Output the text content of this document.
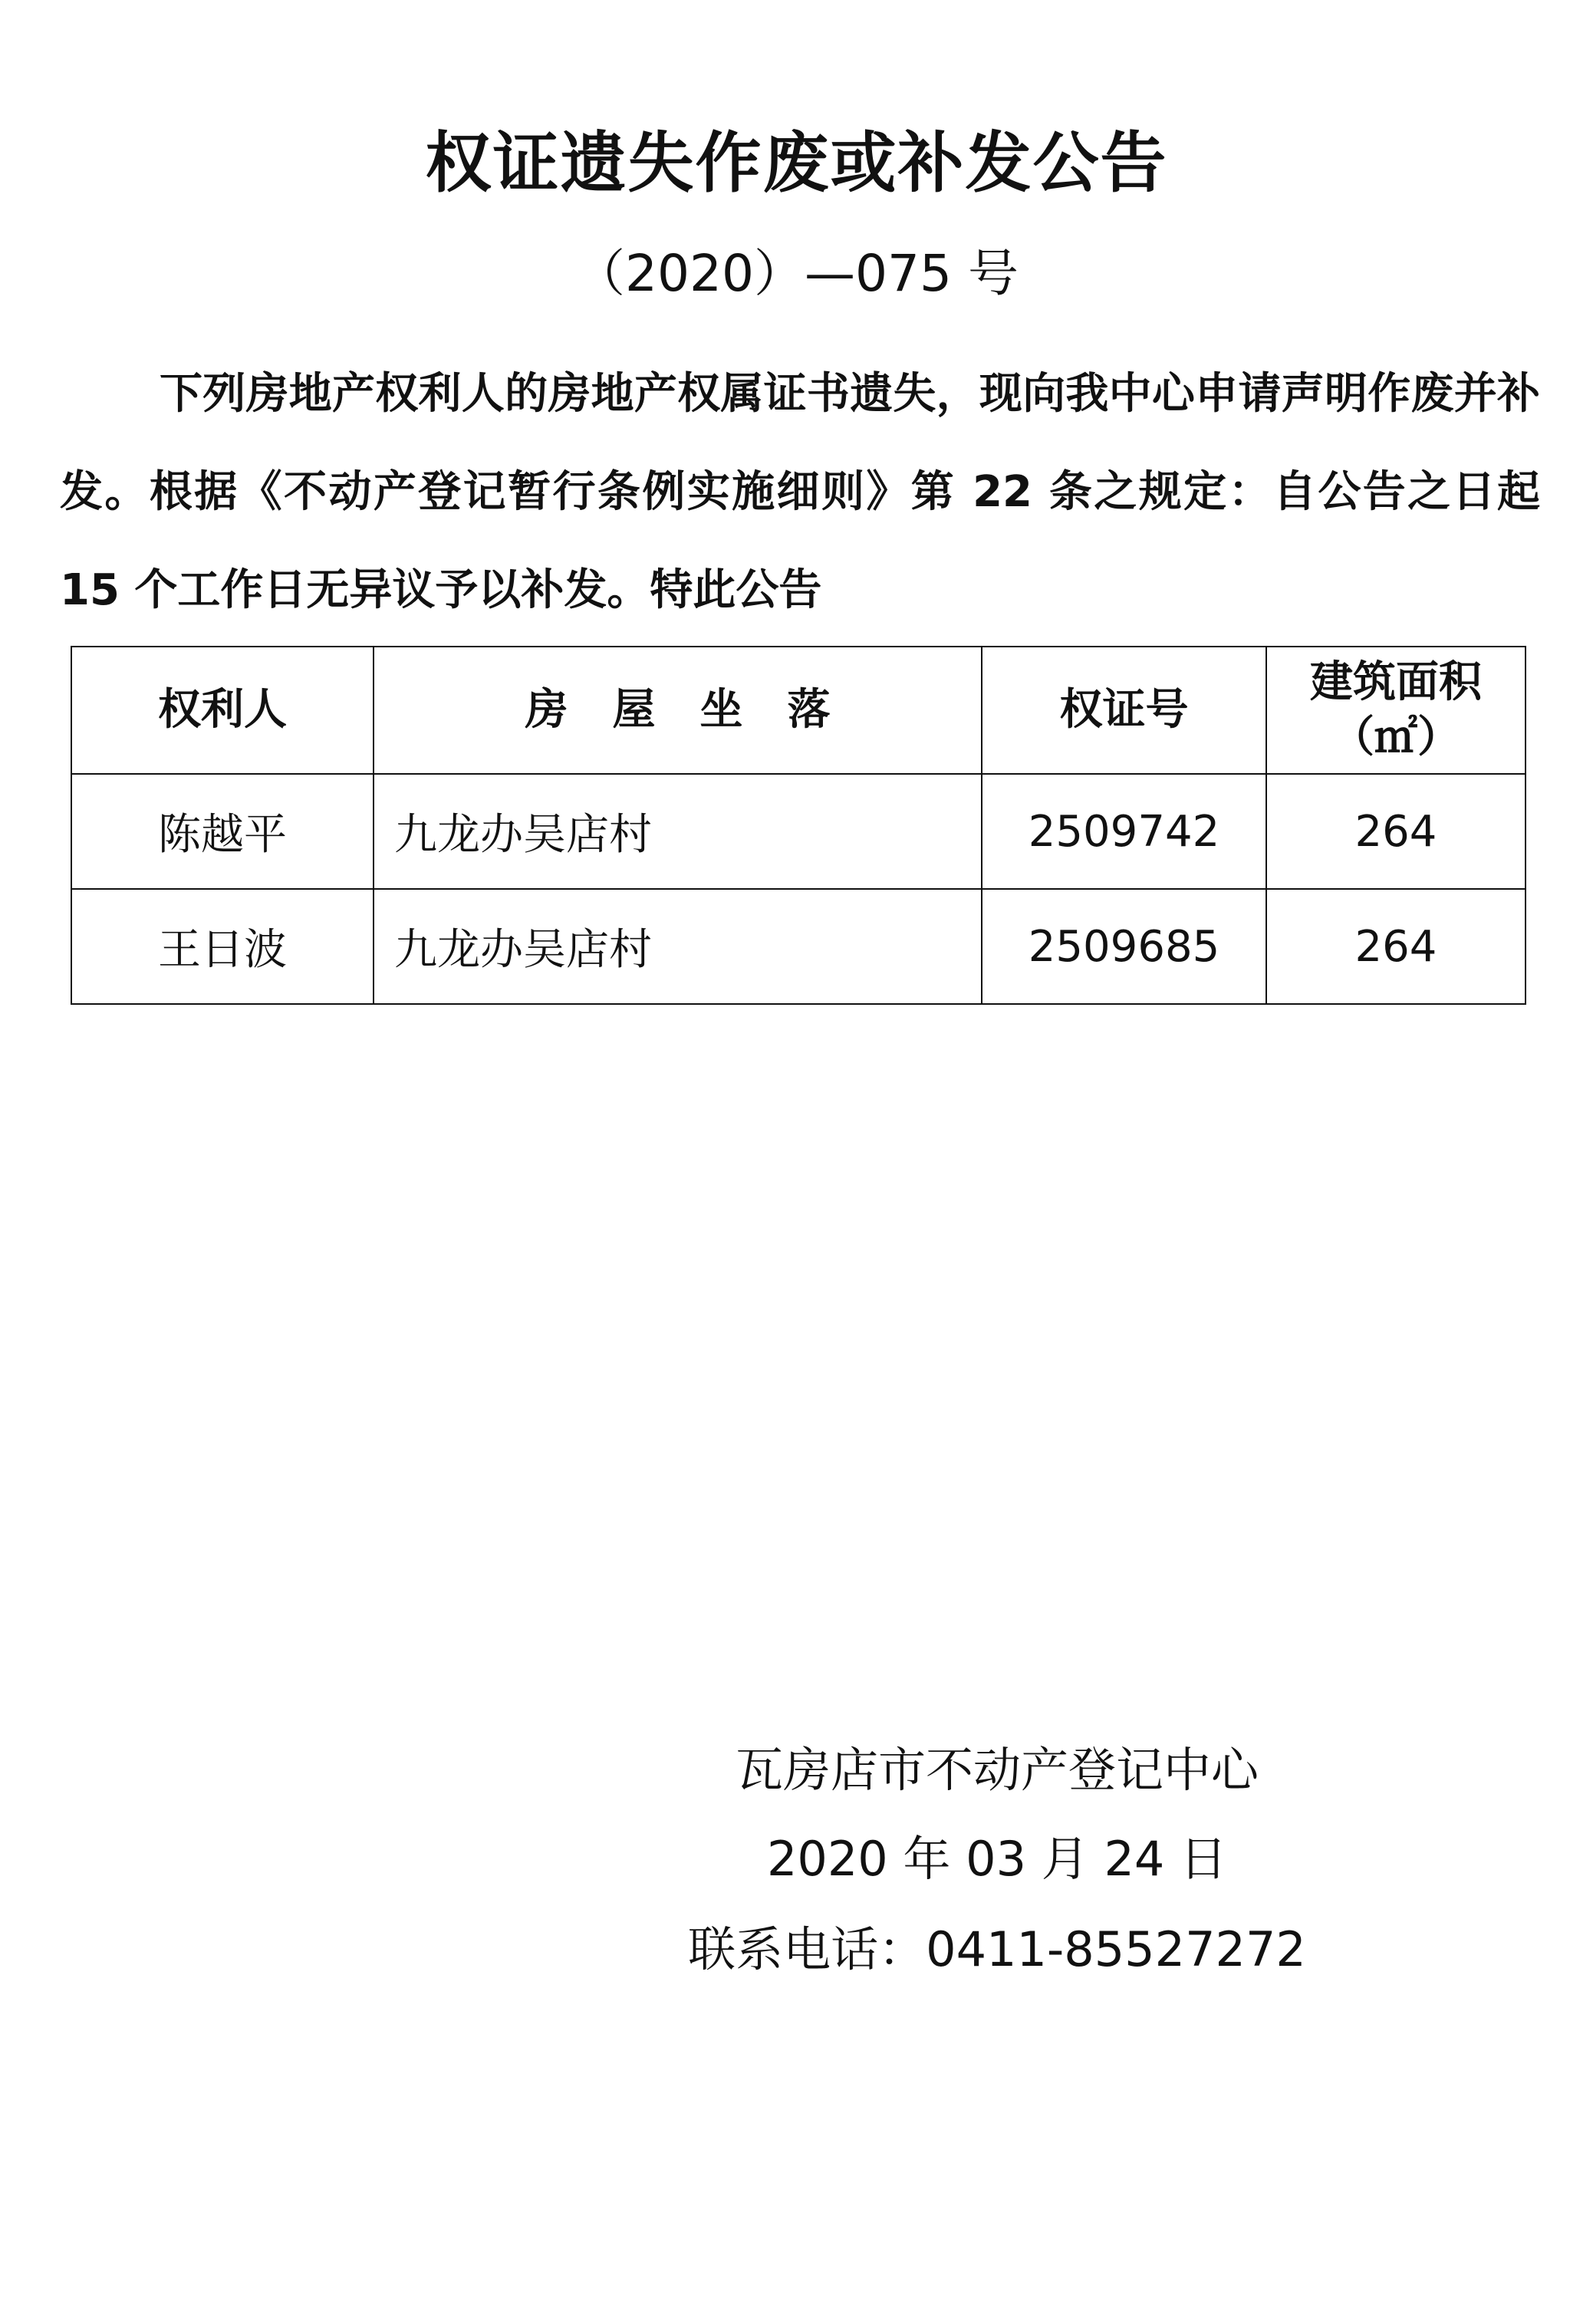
权证遗失作废或补发公告
（2020）—075 号

下列房地产权利人的房地产权属证书遗失，现向我中心申请声明作废并补发。根据《不动产登记暂行条例实施细则》第 22 条之规定：自公告之日起 15 个工作日无异议予以补发。特此公告

权利人	房屋坐落	权证号	建筑面积
（㎡）

陈越平	九龙办吴店村	2509742	264
王日波	九龙办吴店村	2509685	264
瓦房店市不动产登记中心
2020 年 03 月 24 日
联系电话：0411-85527272
